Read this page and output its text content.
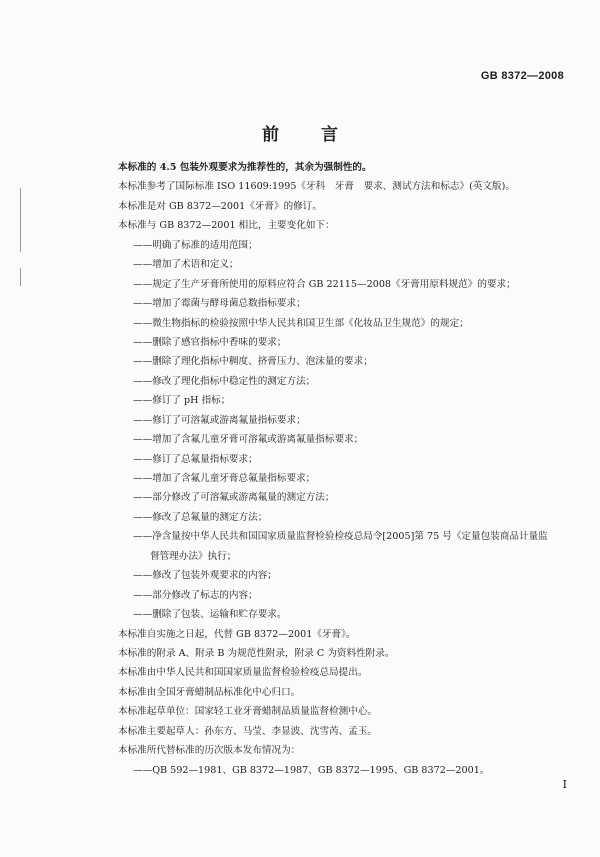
GB 8372—2008
前 言
本标准的 4.5 包装外观要求为推荐性的，其余为强制性的。
本标准参考了国际标准 ISO 11609:1995《牙科　牙膏　要求、测试方法和标志》(英文版)。
本标准是对 GB 8372—2001《牙膏》的修订。
本标准与 GB 8372—2001 相比，主要变化如下：
——明确了标准的适用范围；
——增加了术语和定义；
——规定了生产牙膏所使用的原料应符合 GB 22115—2008《牙膏用原料规范》的要求；
——增加了霉菌与酵母菌总数指标要求；
——微生物指标的检验按照中华人民共和国卫生部《化妆品卫生规范》的规定；
——删除了感官指标中香味的要求；
——删除了理化指标中稠度、挤膏压力、泡沫量的要求；
——修改了理化指标中稳定性的测定方法；
——修订了 pH 指标；
——修订了可溶氟或游离氟量指标要求；
——增加了含氟儿童牙膏可溶氟或游离氟量指标要求；
——修订了总氟量指标要求；
——增加了含氟儿童牙膏总氟量指标要求；
——部分修改了可溶氟或游离氟量的测定方法；
——修改了总氟量的测定方法；
——净含量按中华人民共和国国家质量监督检验检疫总局令[2005]第 75 号《定量包装商品计量监
督管理办法》执行；
——修改了包装外观要求的内容；
——部分修改了标志的内容；
——删除了包装、运输和贮存要求。
本标准自实施之日起，代替 GB 8372—2001《牙膏》。
本标准的附录 A、附录 B 为规范性附录，附录 C 为资料性附录。
本标准由中华人民共和国国家质量监督检验检疫总局提出。
本标准由全国牙膏蜡制品标准化中心归口。
本标准起草单位：国家轻工业牙膏蜡制品质量监督检测中心。
本标准主要起草人：孙东方、马莹、李显波、沈雪芮、孟玉。
本标准所代替标准的历次版本发布情况为：
——QB 592—1981、GB 8372—1987、GB 8372—1995、GB 8372—2001。
I
